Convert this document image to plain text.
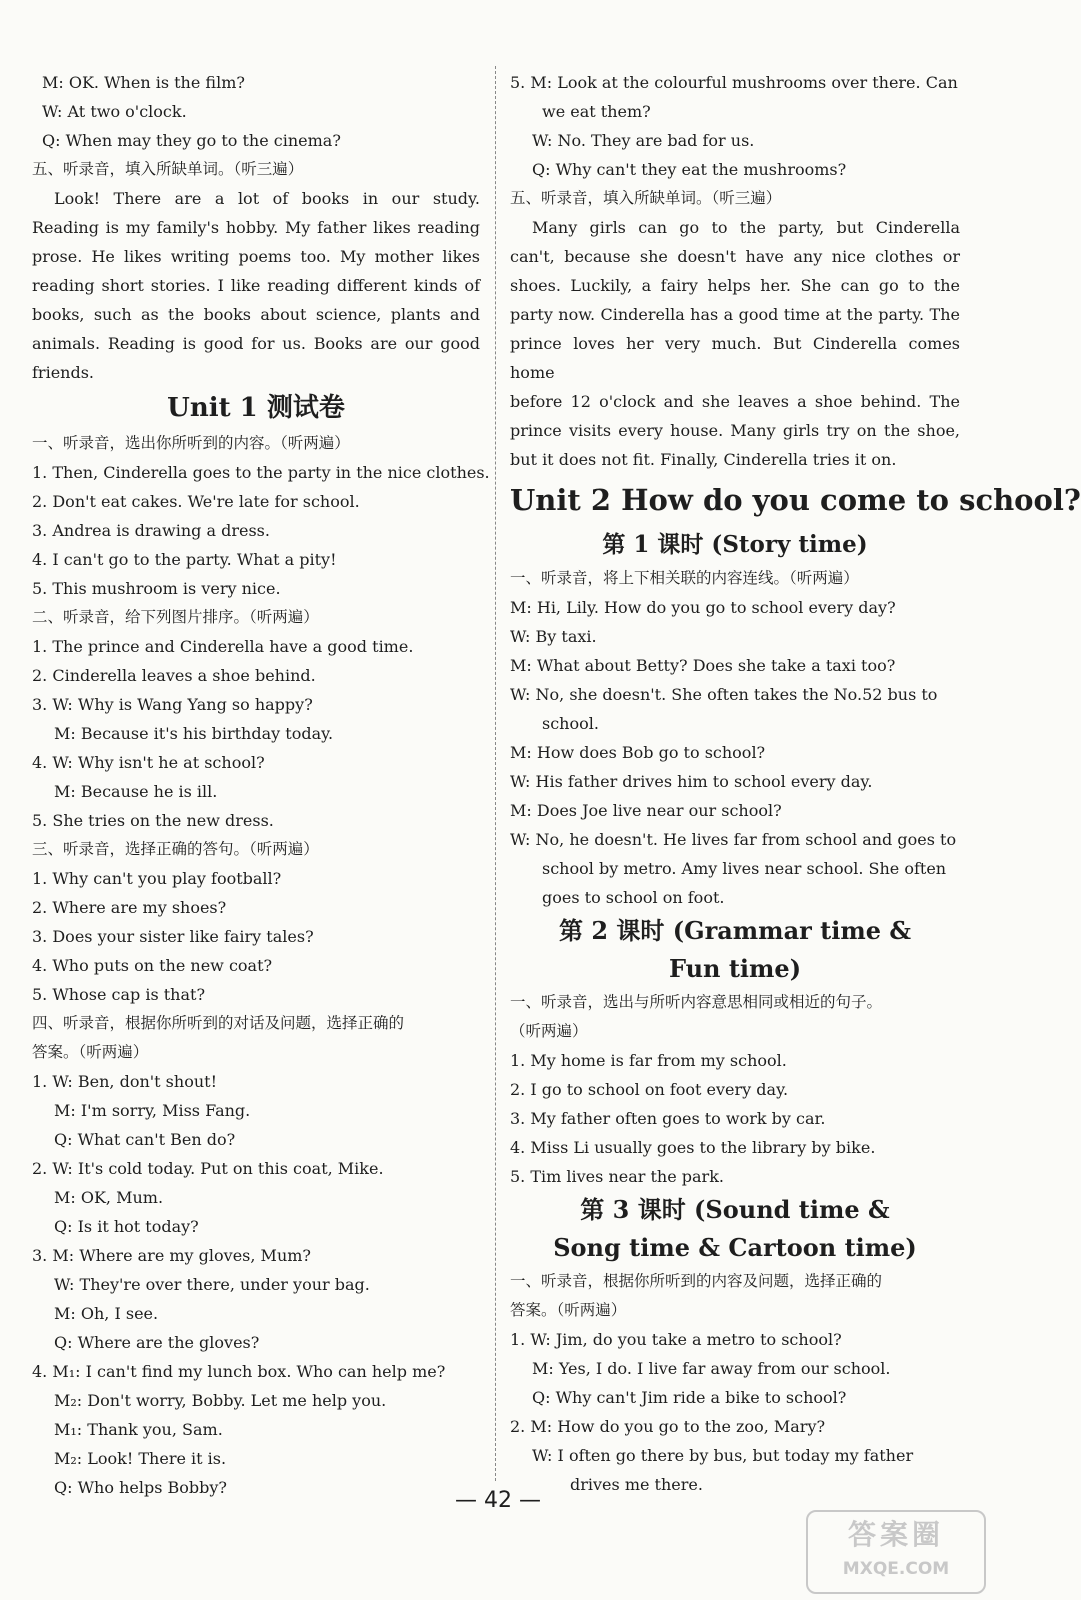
M: OK. When is the film?
W: At two o'clock.
Q: When may they go to the cinema?
五、听录音，填入所缺单词。（听三遍）
Look! There are a lot of books in our study.
Reading is my family's hobby. My father likes reading
prose. He likes writing poems too. My mother likes
reading short stories. I like reading different kinds of
books, such as the books about science, plants and
animals. Reading is good for us. Books are our good
friends.
Unit 1 测试卷
一、听录音，选出你所听到的内容。（听两遍）
1. Then, Cinderella goes to the party in the nice clothes.
2. Don't eat cakes. We're late for school.
3. Andrea is drawing a dress.
4. I can't go to the party. What a pity!
5. This mushroom is very nice.
二、听录音，给下列图片排序。（听两遍）
1. The prince and Cinderella have a good time.
2. Cinderella leaves a shoe behind.
3. W: Why is Wang Yang so happy?
M: Because it's his birthday today.
4. W: Why isn't he at school?
M: Because he is ill.
5. She tries on the new dress.
三、听录音，选择正确的答句。（听两遍）
1. Why can't you play football?
2. Where are my shoes?
3. Does your sister like fairy tales?
4. Who puts on the new coat?
5. Whose cap is that?
四、听录音，根据你所听到的对话及问题，选择正确的
答案。（听两遍）
1. W: Ben, don't shout!
M: I'm sorry, Miss Fang.
Q: What can't Ben do?
2. W: It's cold today. Put on this coat, Mike.
M: OK, Mum.
Q: Is it hot today?
3. M: Where are my gloves, Mum?
W: They're over there, under your bag.
M: Oh, I see.
Q: Where are the gloves?
4. M₁: I can't find my lunch box. Who can help me?
M₂: Don't worry, Bobby. Let me help you.
M₁: Thank you, Sam.
M₂: Look! There it is.
Q: Who helps Bobby?
5. M: Look at the colourful mushrooms over there. Can
we eat them?
W: No. They are bad for us.
Q: Why can't they eat the mushrooms?
五、听录音，填入所缺单词。（听三遍）
Many girls can go to the party, but Cinderella
can't, because she doesn't have any nice clothes or
shoes. Luckily, a fairy helps her. She can go to the
party now. Cinderella has a good time at the party. The
prince loves her very much. But Cinderella comes home
before 12 o'clock and she leaves a shoe behind. The
prince visits every house. Many girls try on the shoe,
but it does not fit. Finally, Cinderella tries it on.
Unit 2 How do you come to school?
第 1 课时 (Story time)
一、听录音，将上下相关联的内容连线。（听两遍）
M: Hi, Lily. How do you go to school every day?
W: By taxi.
M: What about Betty? Does she take a taxi too?
W: No, she doesn't. She often takes the No.52 bus to
school.
M: How does Bob go to school?
W: His father drives him to school every day.
M: Does Joe live near our school?
W: No, he doesn't. He lives far from school and goes to
school by metro. Amy lives near school. She often
goes to school on foot.
第 2 课时 (Grammar time &
Fun time)
一、听录音，选出与所听内容意思相同或相近的句子。
（听两遍）
1. My home is far from my school.
2. I go to school on foot every day.
3. My father often goes to work by car.
4. Miss Li usually goes to the library by bike.
5. Tim lives near the park.
第 3 课时 (Sound time &
Song time & Cartoon time)
一、听录音，根据你所听到的内容及问题，选择正确的
答案。（听两遍）
1. W: Jim, do you take a metro to school?
M: Yes, I do. I live far away from our school.
Q: Why can't Jim ride a bike to school?
2. M: How do you go to the zoo, Mary?
W: I often go there by bus, but today my father
drives me there.
— 42 —
答案圈
MXQE.COM
